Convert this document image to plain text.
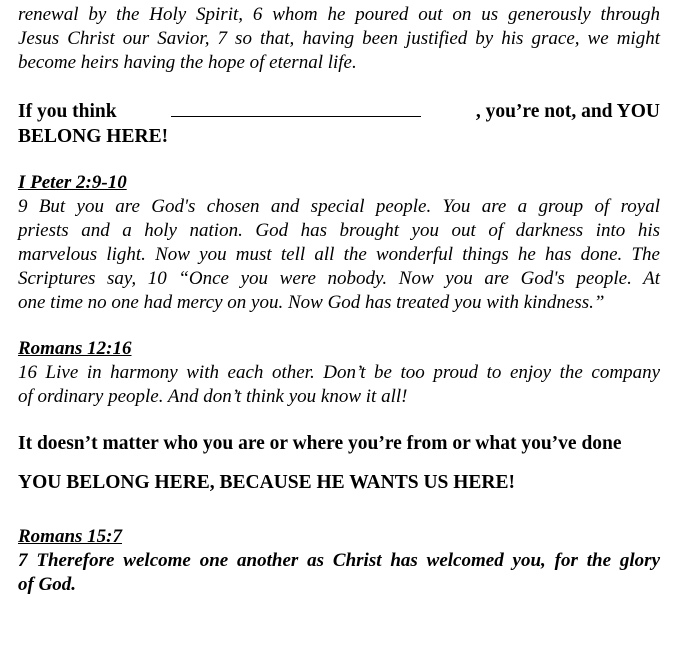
renewal by the Holy Spirit, 6 whom he poured out on us generously through

Jesus Christ our Savior, 7 so that, having been justified by his grace, we might

become heirs having the hope of eternal life.

If you think	, you’re not, and YOU

BELONG HERE!

I Peter 2:9-10

9 But you are God's chosen and special people. You are a group of royal

priests and a holy nation. God has brought you out of darkness into his

marvelous light. Now you must tell all the wonderful things he has done. The

Scriptures say, 10 “Once you were nobody. Now you are God's people. At

one time no one had mercy on you. Now God has treated you with kindness.”

Romans 12:16

16 Live in harmony with each other. Don’t be too proud to enjoy the company

of ordinary people. And don’t think you know it all!

It doesn’t matter who you are or where you’re from or what you’ve done

YOU BELONG HERE, BECAUSE HE WANTS US HERE!

Romans 15:7

7 Therefore welcome one another as Christ has welcomed you, for the glory

of God.
